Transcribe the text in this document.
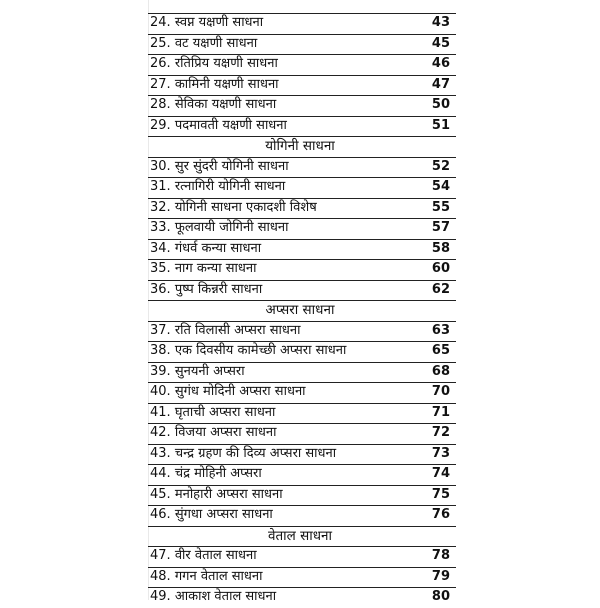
24. स्वप्न यक्षणी साधना	43
25. वट यक्षणी साधना	45
26. रतिप्रिय यक्षणी साधना	46
27. कामिनी यक्षणी साधना	47
28. सेविका यक्षणी साधना	50
29. पदमावती यक्षणी साधना	51
योगिनी साधना
30. सुर सुंदरी योगिनी साधना	52
31. रत्नागिरी योगिनी साधना	54
32. योगिनी साधना एकादशी विशेष	55
33. फूलवायी जोगिनी साधना	57
34. गंधर्व कन्या साधना	58
35. नाग कन्या साधना	60
36. पुष्प किन्नरी साधना	62
अप्सरा साधना
37. रति विलासी अप्सरा साधना	63
38. एक दिवसीय कामेच्छी अप्सरा साधना	65
39. सुनयनी अप्सरा	68
40. सुगंध मोदिनी अप्सरा साधना	70
41. घृताची अप्सरा साधना	71
42. विजया अप्सरा साधना	72
43. चन्द्र ग्रहण की दिव्य अप्सरा साधना	73
44. चंद्र मोहिनी अप्सरा	74
45. मनोहारी अप्सरा साधना	75
46. सुंगधा अप्सरा साधना	76
वेताल साधना
47. वीर वेताल साधना	78
48. गगन वेताल साधना	79
49. आकाश वेताल साधना	80
